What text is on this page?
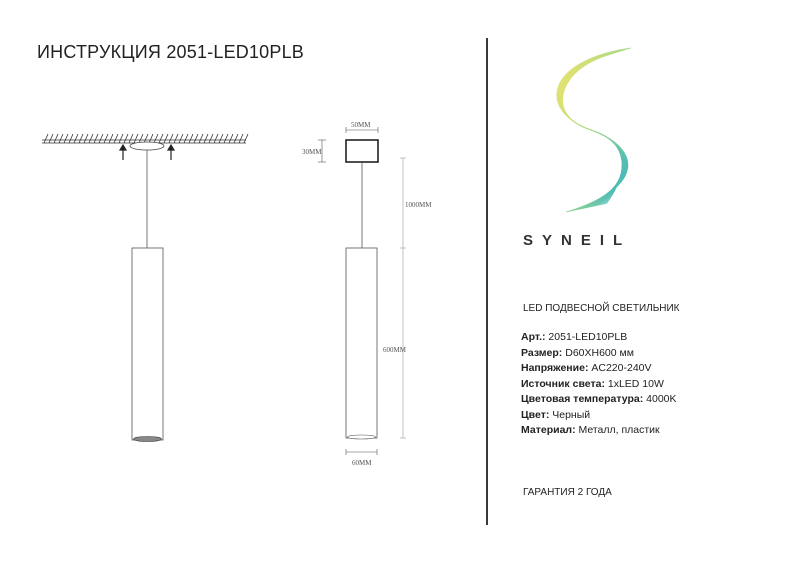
ИНСТРУКЦИЯ 2051-LED10PLB
50MM
30MM
1000MM
600MM
60MM
SYNEIL
LED ПОДВЕСНОЙ СВЕТИЛЬНИК
Арт.: 2051-LED10PLB
Размер: D60XH600 мм
Напряжение: AC220-240V
Источник света: 1xLED 10W
Цветовая температура: 4000K
Цвет: Черный
Материал: Металл, пластик
ГАРАНТИЯ 2 ГОДА
